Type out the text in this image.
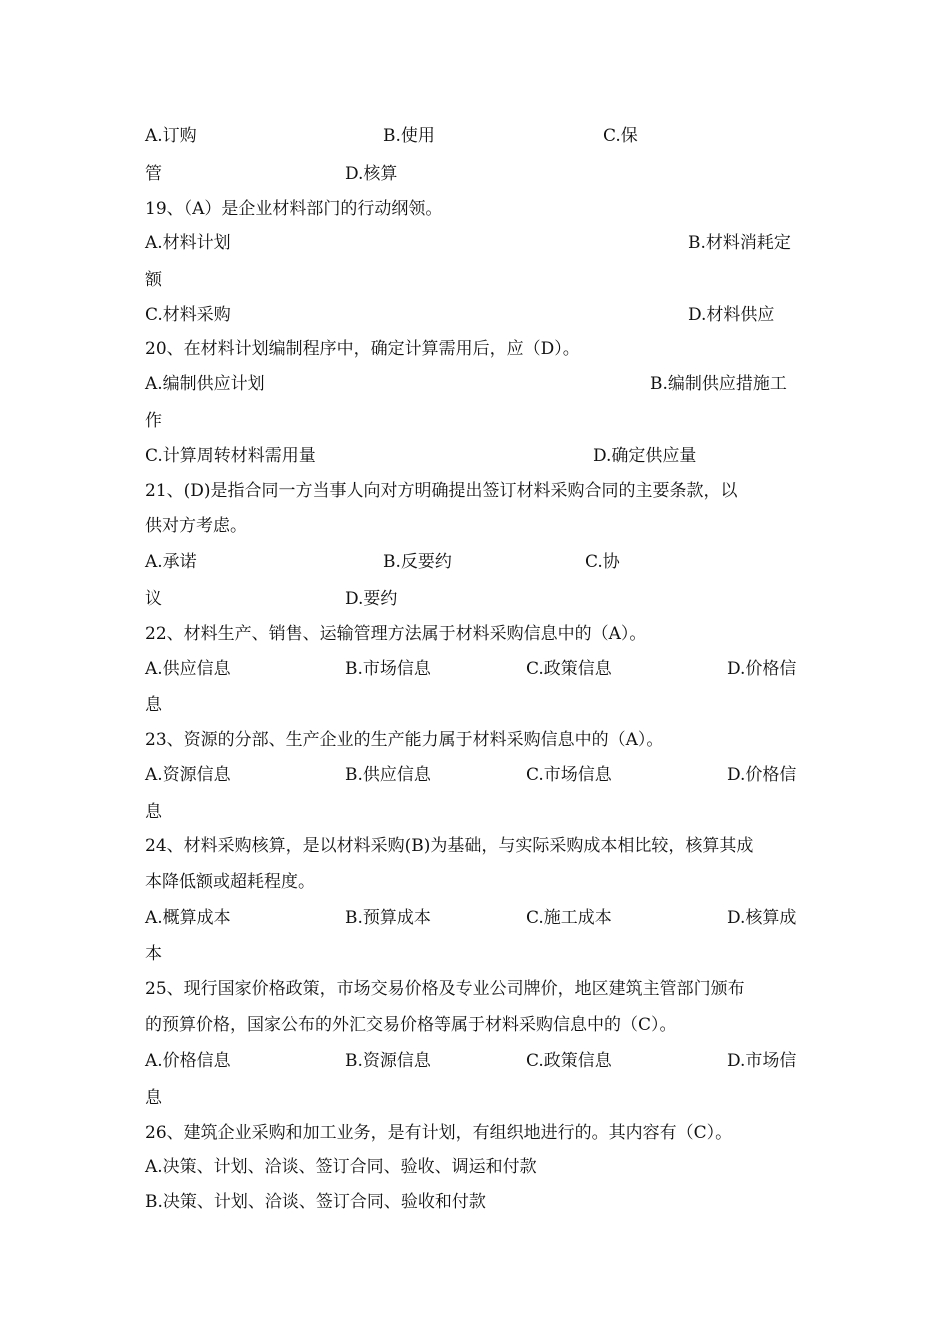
A.订购	B.使用	C.保
管	D.核算
19、（A）是企业材料部门的行动纲领。
A.材料计划	B.材料消耗定
额
C.材料采购	D.材料供应
20、在材料计划编制程序中，确定计算需用后，应（D）。
A.编制供应计划	B.编制供应措施工
作
C.计算周转材料需用量	D.确定供应量
21、(D)是指合同一方当事人向对方明确提出签订材料采购合同的主要条款，以
供对方考虑。
A.承诺	B.反要约	C.协
议	D.要约
22、材料生产、销售、运输管理方法属于材料采购信息中的（A）。
A.供应信息	B.市场信息	C.政策信息	D.价格信
息
23、资源的分部、生产企业的生产能力属于材料采购信息中的（A）。
A.资源信息	B.供应信息	C.市场信息	D.价格信
息
24、材料采购核算，是以材料采购(B)为基础，与实际采购成本相比较，核算其成
本降低额或超耗程度。
A.概算成本	B.预算成本	C.施工成本	D.核算成
本
25、现行国家价格政策，市场交易价格及专业公司牌价，地区建筑主管部门颁布
的预算价格，国家公布的外汇交易价格等属于材料采购信息中的（C）。
A.价格信息	B.资源信息	C.政策信息	D.市场信
息
26、建筑企业采购和加工业务，是有计划，有组织地进行的。其内容有（C）。
A.决策、计划、洽谈、签订合同、验收、调运和付款
B.决策、计划、洽谈、签订合同、验收和付款
